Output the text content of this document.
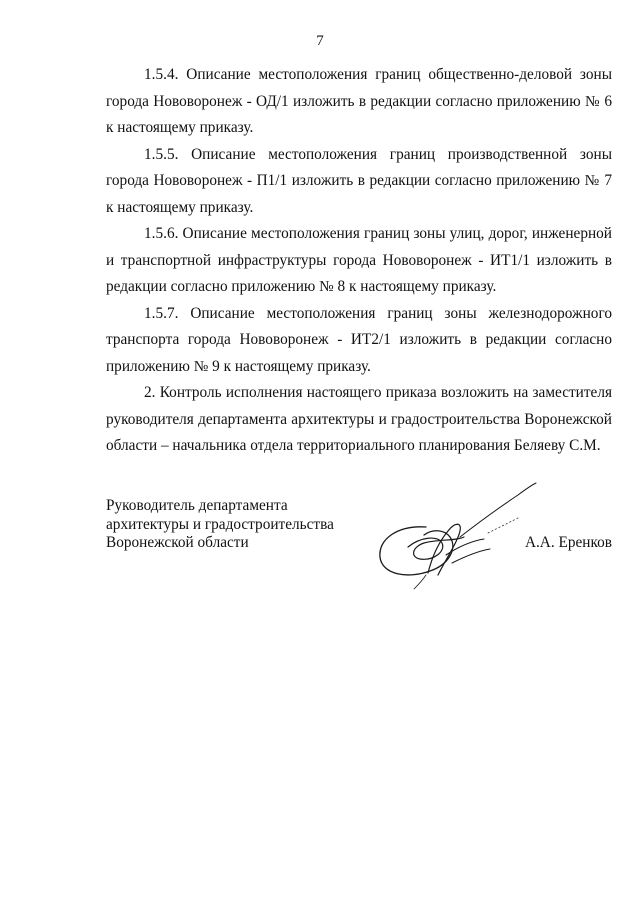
7

1.5.4. Описание местоположения границ общественно-деловой зоны города Нововоронеж - ОД/1 изложить в редакции согласно приложению № 6 к настоящему приказу.

1.5.5. Описание местоположения границ производственной зоны города Нововоронеж - П1/1 изложить в редакции согласно приложению № 7 к настоящему приказу.

1.5.6. Описание местоположения границ зоны улиц, дорог, инженерной и транспортной инфраструктуры города Нововоронеж - ИТ1/1 изложить в редакции согласно приложению № 8 к настоящему приказу.

1.5.7. Описание местоположения границ зоны железнодорожного транспорта города Нововоронеж - ИТ2/1 изложить в редакции согласно приложению № 9 к настоящему приказу.

2. Контроль исполнения настоящего приказа возложить на заместителя руководителя департамента архитектуры и градостроительства Воронежской области – начальника отдела территориального планирования Беляеву С.М.

Руководитель департамента
архитектуры и градостроительства
Воронежской области	А.А. Еренков
